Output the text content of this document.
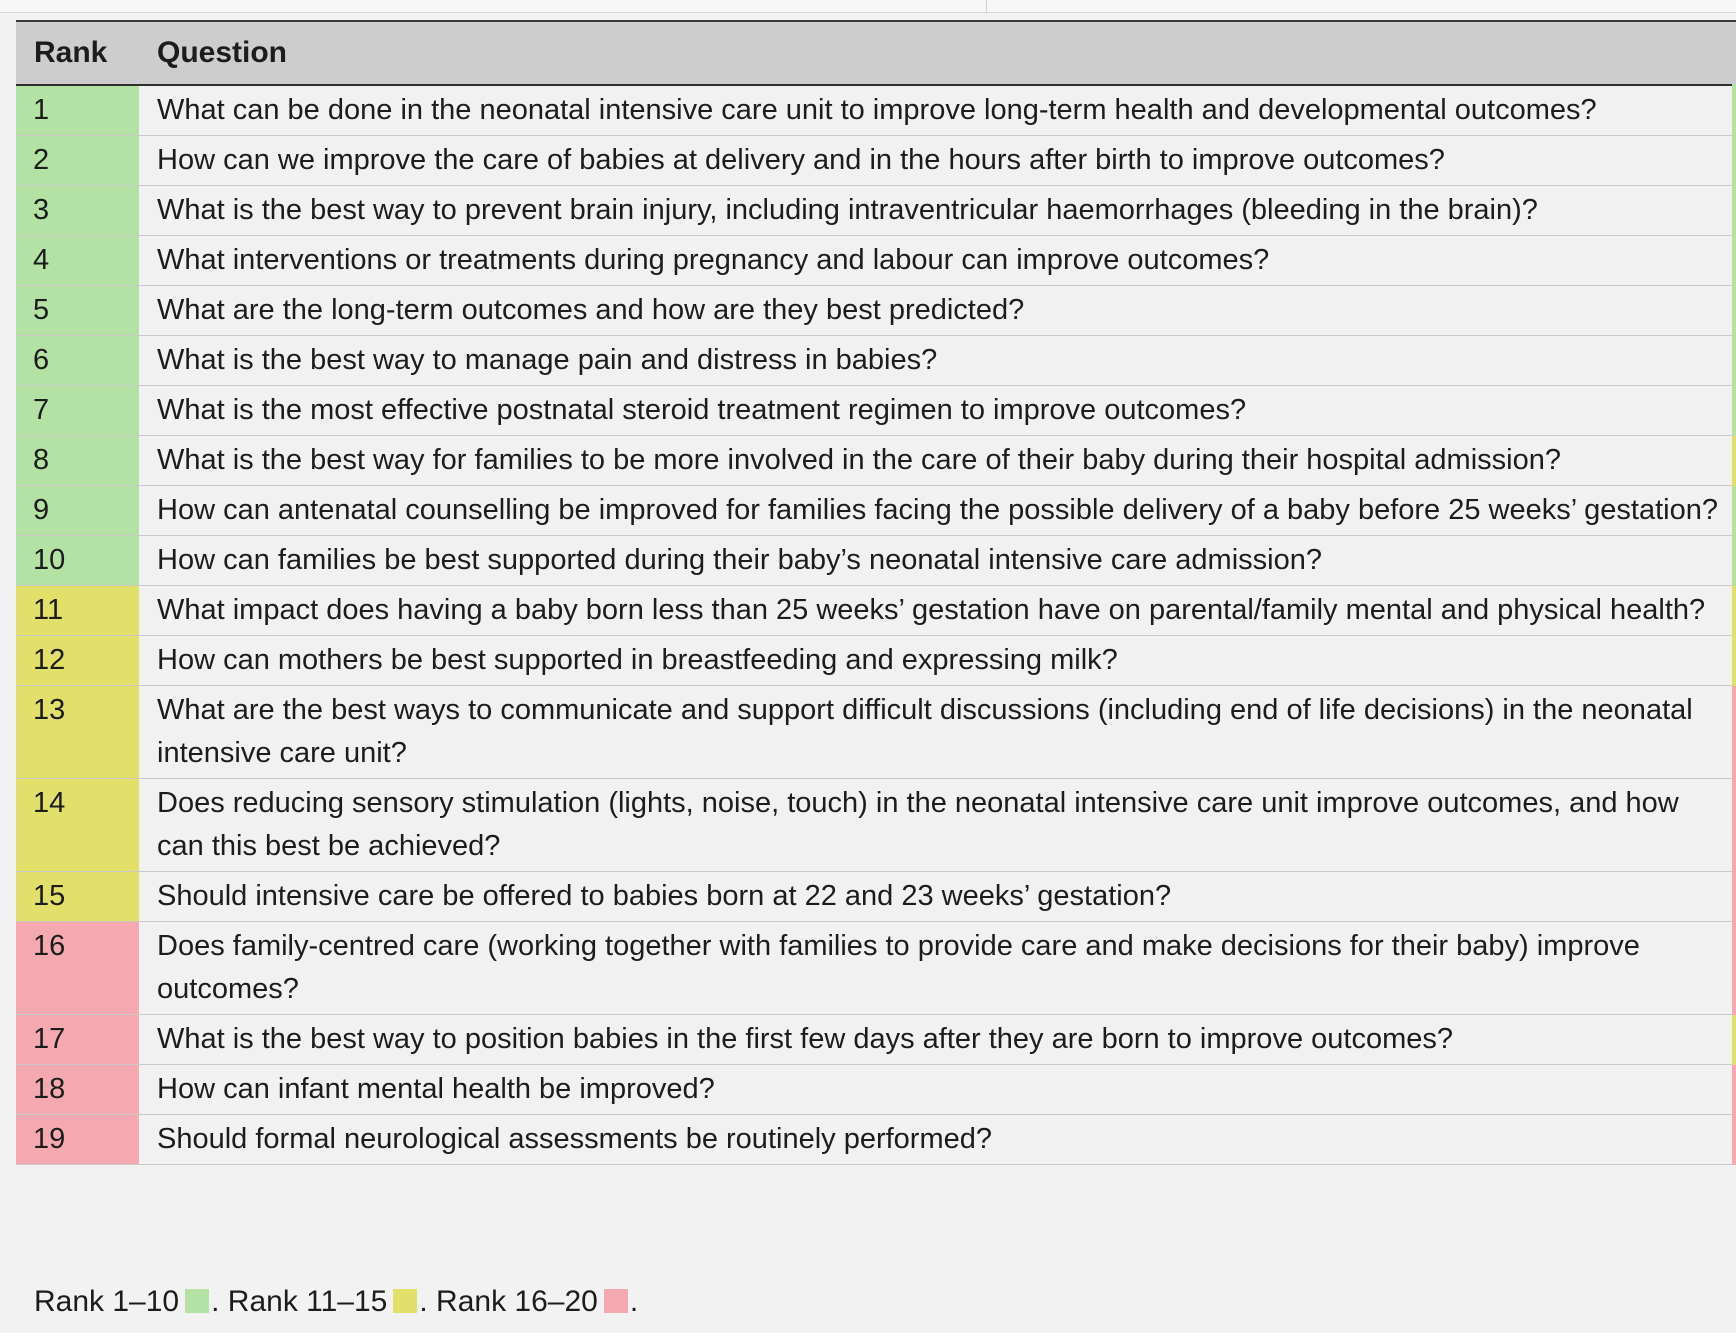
Rank	Question
1	What can be done in the neonatal intensive care unit to improve long-term health and developmental outcomes?
2	How can we improve the care of babies at delivery and in the hours after birth to improve outcomes?
3	What is the best way to prevent brain injury, including intraventricular haemorrhages (bleeding in the brain)?
4	What interventions or treatments during pregnancy and labour can improve outcomes?
5	What are the long-term outcomes and how are they best predicted?
6	What is the best way to manage pain and distress in babies?
7	What is the most effective postnatal steroid treatment regimen to improve outcomes?
8	What is the best way for families to be more involved in the care of their baby during their hospital admission?
9	How can antenatal counselling be improved for families facing the possible delivery of a baby before 25 weeks’ gestation?
10	How can families be best supported during their baby’s neonatal intensive care admission?
11	What impact does having a baby born less than 25 weeks’ gestation have on parental/family mental and physical health?
12	How can mothers be best supported in breastfeeding and expressing milk?
13	What are the best ways to communicate and support difficult discussions (including end of life decisions) in the neonatal intensive care unit?
14	Does reducing sensory stimulation (lights, noise, touch) in the neonatal intensive care unit improve outcomes, and how can this best be achieved?
15	Should intensive care be offered to babies born at 22 and 23 weeks’ gestation?
16	Does family-centred care (working together with families to provide care and make decisions for their baby) improve outcomes?
17	What is the best way to position babies in the first few days after they are born to improve outcomes?
18	How can infant mental health be improved?
19	Should formal neurological assessments be routinely performed?
Rank 1–10 . Rank 11–15 . Rank 16–20 .
